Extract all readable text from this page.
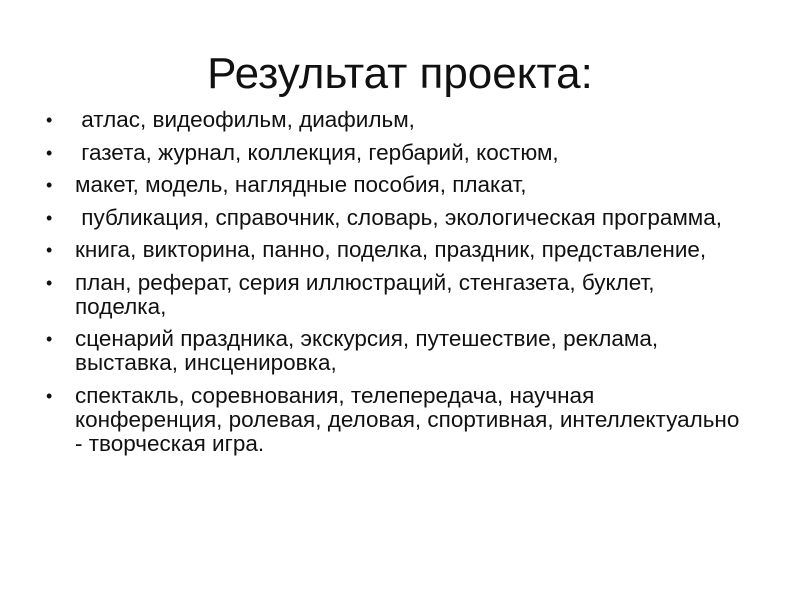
Результат проекта:
•	атлас, видеофильм, диафильм,
•	газета, журнал, коллекция, гербарий, костюм,
•	макет, модель, наглядные пособия, плакат,
•	публикация, справочник, словарь, экологическая программа,
•	книга, викторина, панно, поделка, праздник, представление,
•	план, реферат, серия иллюстраций, стенгазета, буклет, поделка,
•	сценарий праздника, экскурсия, путешествие, реклама, выставка, инсценировка,
•	спектакль, соревнования, телепередача, научная конференция, ролевая, деловая, спортивная, интеллектуально - творческая игра.
